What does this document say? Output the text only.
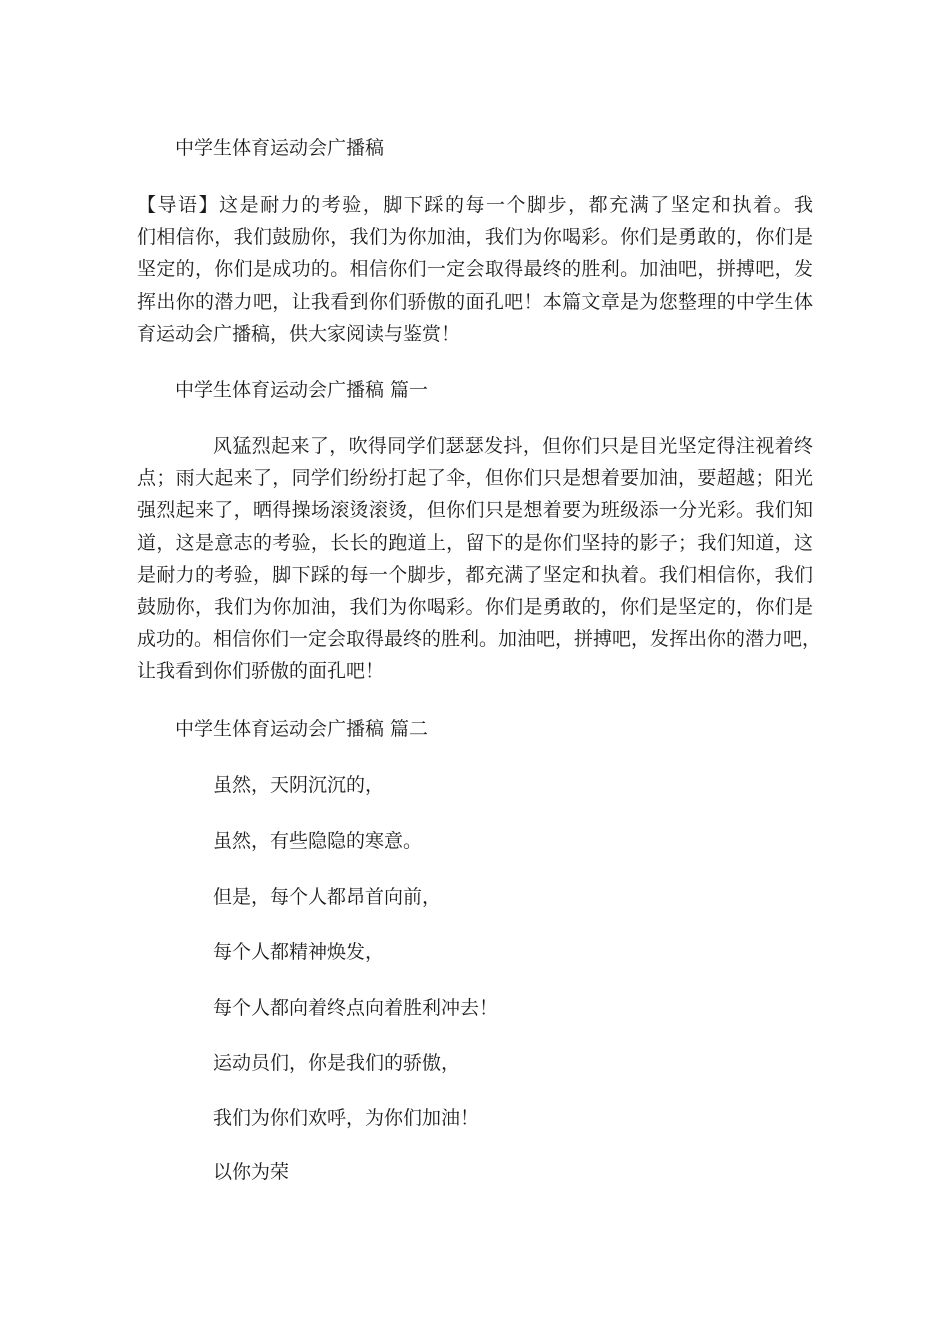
中学生体育运动会广播稿
【导语】这是耐力的考验，脚下踩的每一个脚步，都充满了坚定和执着。我
们相信你，我们鼓励你，我们为你加油，我们为你喝彩。你们是勇敢的，你们是
坚定的，你们是成功的。相信你们一定会取得最终的胜利。加油吧，拼搏吧，发
挥出你的潜力吧，让我看到你们骄傲的面孔吧！本篇文章是为您整理的中学生体
育运动会广播稿，供大家阅读与鉴赏！
中学生体育运动会广播稿 篇一
风猛烈起来了，吹得同学们瑟瑟发抖，但你们只是目光坚定得注视着终
点；雨大起来了，同学们纷纷打起了伞，但你们只是想着要加油，要超越；阳光
强烈起来了，晒得操场滚烫滚烫，但你们只是想着要为班级添一分光彩。我们知
道，这是意志的考验，长长的跑道上，留下的是你们坚持的影子；我们知道，这
是耐力的考验，脚下踩的每一个脚步，都充满了坚定和执着。我们相信你，我们
鼓励你，我们为你加油，我们为你喝彩。你们是勇敢的，你们是坚定的，你们是
成功的。相信你们一定会取得最终的胜利。加油吧，拼搏吧，发挥出你的潜力吧，
让我看到你们骄傲的面孔吧！
中学生体育运动会广播稿 篇二
虽然，天阴沉沉的，
虽然，有些隐隐的寒意。
但是，每个人都昂首向前，
每个人都精神焕发，
每个人都向着终点向着胜利冲去！
运动员们，你是我们的骄傲，
我们为你们欢呼，为你们加油！
以你为荣
